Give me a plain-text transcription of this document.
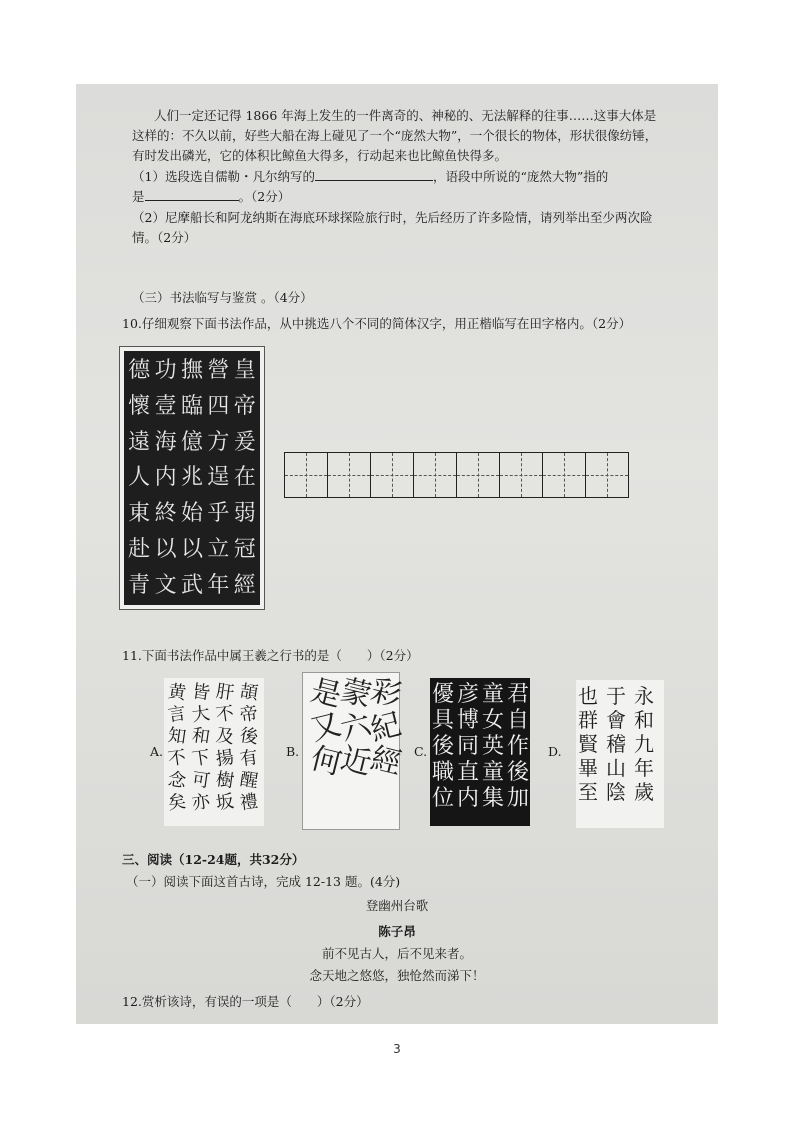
人们一定还记得 1866 年海上发生的一件离奇的、神秘的、无法解释的往事……这事大体是
这样的：不久以前，好些大船在海上碰见了一个“庞然大物”，一个很长的物体，形状很像纺锤，
有时发出磷光，它的体积比鲸鱼大得多，行动起来也比鲸鱼快得多。
（1）选段选自儒勒・凡尔纳写的	，语段中所说的“庞然大物”指的
是	。（2分）
（2）尼摩船长和阿龙纳斯在海底环球探险旅行时，先后经历了许多险情，请列举出至少两次险
情。（2分）
（三）书法临写与鉴赏 。（4分）
10.仔细观察下面书法作品，从中挑选八个不同的简体汉字，用正楷临写在田字格内。（2分）
皇
帝
爰
在
弱
冠
經
營
四
方
逞
乎
立
年
撫
臨
億
兆
始
以
武
功
壹
海
内
終
以
文
德
懷
遠
人
東
赴
青
11.下面书法作品中属王羲之行书的是（　　）（2分）
A.
頡
帝
後
有
醒
禮
肝
不
及
揚
樹
坂
皆
大
和
下
可
亦
黄
言
知
不
念
矣
B.
是
又
何
蒙
六
近
彩
紀
經 C.
優
具
後
職
位
彦
博
同
直
内
童
女
英
童
集
君
自
作
後
加
D.
也
群
賢
畢
至
于
會
稽
山
陰
永
和
九
年
歲
三、阅读（12-24题，共32分）
（一）阅读下面这首古诗，完成 12-13 题。(4分)
登幽州台歌
陈子昂
前不见古人，后不见来者。
念天地之悠悠，独怆然而涕下！
12.赏析该诗，有误的一项是（　　）（2分）
3
